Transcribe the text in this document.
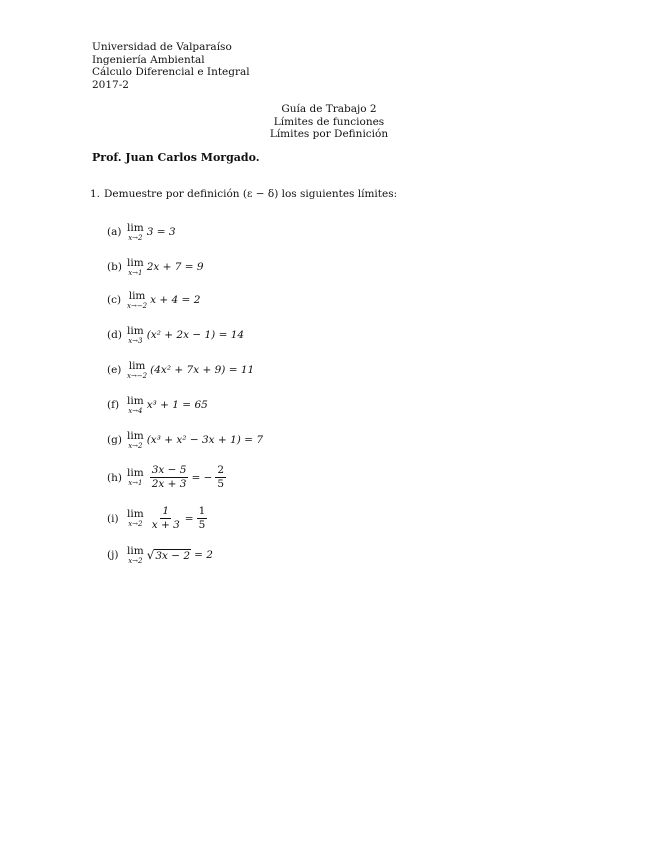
Universidad de Valparaíso
Ingeniería Ambiental
Cálculo Diferencial e Integral
2017-2
Guía de Trabajo 2
Límites de funciones
Límites por Definición
Prof. Juan Carlos Morgado.
1. Demuestre por definición (ε − δ) los siguientes límites:
(a) lim
x→2 3 = 3
(b) lim
x→1 2x + 7 = 9
(c) lim
x→−2 x + 4 = 2
(d) lim
x→3 (x² + 2x − 1) = 14
(e) lim
x→−2 (4x² + 7x + 9) = 11
(f) lim
x→4 x³ + 1 = 65
(g) lim
x→2 (x³ + x² − 3x + 1) = 7
(h) lim
$x\to 1 \frac{3x - 5}{2x + 3}$ = − $\frac{2}{5}$
(i) lim
$x\to 2 \frac{1}{x + 3} = \frac{1}{5}$
(j) lim
x→2 √ 3x − 2 = 2
